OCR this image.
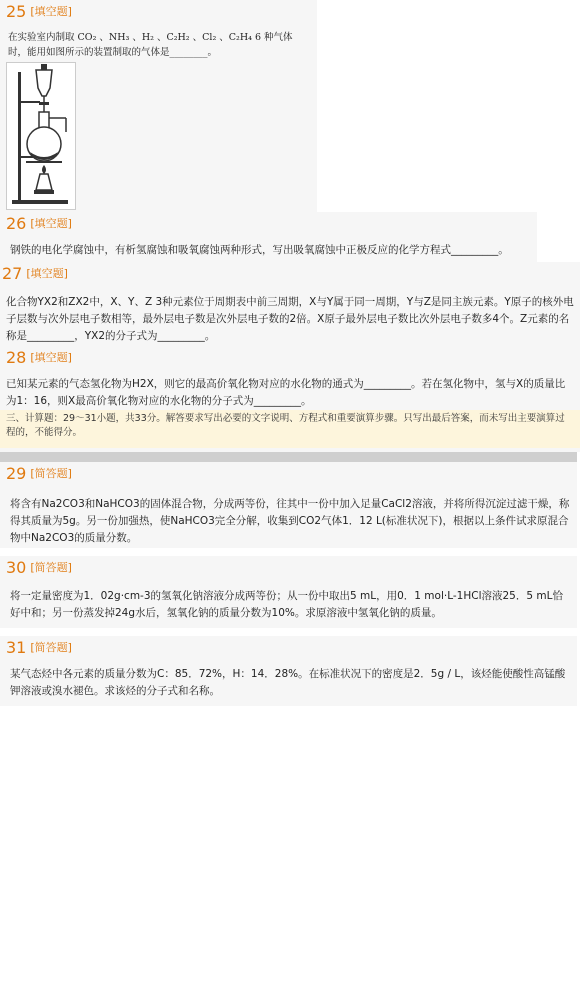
25 [填空题]
在实验室内制取 CO₂ 、NH₃ 、H₂ 、C₂H₂ 、Cl₂ 、C₂H₄ 6 种气体时，能用如图所示的装置制取的气体是________。
26 [填空题]
钢铁的电化学腐蚀中，有析氢腐蚀和吸氧腐蚀两种形式，写出吸氧腐蚀中正极反应的化学方程式_________。
27 [填空题]
化合物YX2和ZX2中，X、Y、Z 3种元素位于周期表中前三周期，X与Y属于同一周期，Y与Z是同主族元素。Y原子的核外电子层数与次外层电子数相等，最外层电子数是次外层电子数的2倍。X原子最外层电子数比次外层电子数多4个。Z元素的名称是_________，YX2的分子式为_________。
28 [填空题]
已知某元素的气态氢化物为H2X，则它的最高价氧化物对应的水化物的通式为_________。若在氢化物中，氢与X的质量比为1：16，则X最高价氧化物对应的水化物的分子式为_________。
三、计算题：29～31小题，共33分。解答要求写出必要的文字说明、方程式和重要演算步骤。只写出最后答案，而未写出主要演算过程的，不能得分。
29 [简答题]
将含有Na2CO3和NaHCO3的固体混合物，分成两等份，往其中一份中加入足量CaCl2溶液，并将所得沉淀过滤干燥，称得其质量为5g。另一份加强热，使NaHCO3完全分解，收集到CO2气体1．12 L(标准状况下)，根据以上条件试求原混合物中Na2CO3的质量分数。
30 [简答题]
将一定量密度为1．02g·cm-3的氢氧化钠溶液分成两等份；从一份中取出5 mL，用0．1 mol·L-1HCl溶液25．5 mL恰好中和；另一份蒸发掉24g水后，氢氧化钠的质量分数为10%。求原溶液中氢氧化钠的质量。
31 [简答题]
某气态烃中各元素的质量分数为C：85．72%，H：14．28%。在标准状况下的密度是2．5g / L，该烃能使酸性高锰酸钾溶液或溴水褪色。求该烃的分子式和名称。
